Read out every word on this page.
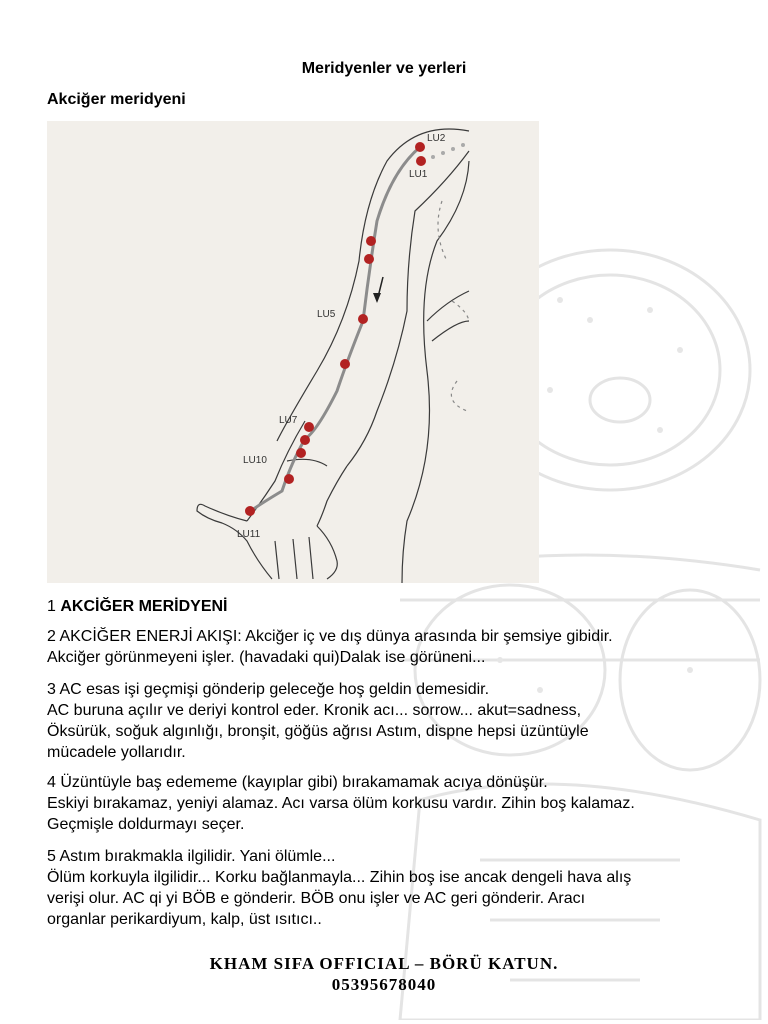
Meridyenler ve yerleri
Akciğer meridyeni
LU2
LU1
LU5
LU7
LU10
LU11
1 AKCİĞER MERİDYENİ
2 AKCİĞER ENERJİ AKIŞI: Akciğer iç ve dış dünya arasında bir şemsiye gibidir.
Akciğer görünmeyeni işler. (havadaki qui)Dalak ise görüneni...
3 AC esas işi geçmişi gönderip geleceğe hoş geldin demesidir.
AC buruna açılır ve deriyi kontrol eder. Kronik acı... sorrow... akut=sadness,
Öksürük, soğuk algınlığı, bronşit, göğüs ağrısı Astım, dispne hepsi üzüntüyle
mücadele yollarıdır.
4 Üzüntüyle baş edememe (kayıplar gibi) bırakamamak acıya dönüşür.
Eskiyi bırakamaz, yeniyi alamaz. Acı varsa ölüm korkusu vardır. Zihin boş kalamaz.
Geçmişle doldurmayı seçer.
5 Astım bırakmakla ilgilidir. Yani ölümle...
Ölüm korkuyla ilgilidir... Korku bağlanmayla... Zihin boş ise ancak dengeli hava alış
verişi olur. AC qi yi BÖB e gönderir. BÖB onu işler ve AC geri gönderir. Aracı
organlar perikardiyum, kalp, üst ısıtıcı..
KHAM SIFA OFFICIAL – BÖRÜ KATUN.
05395678040
